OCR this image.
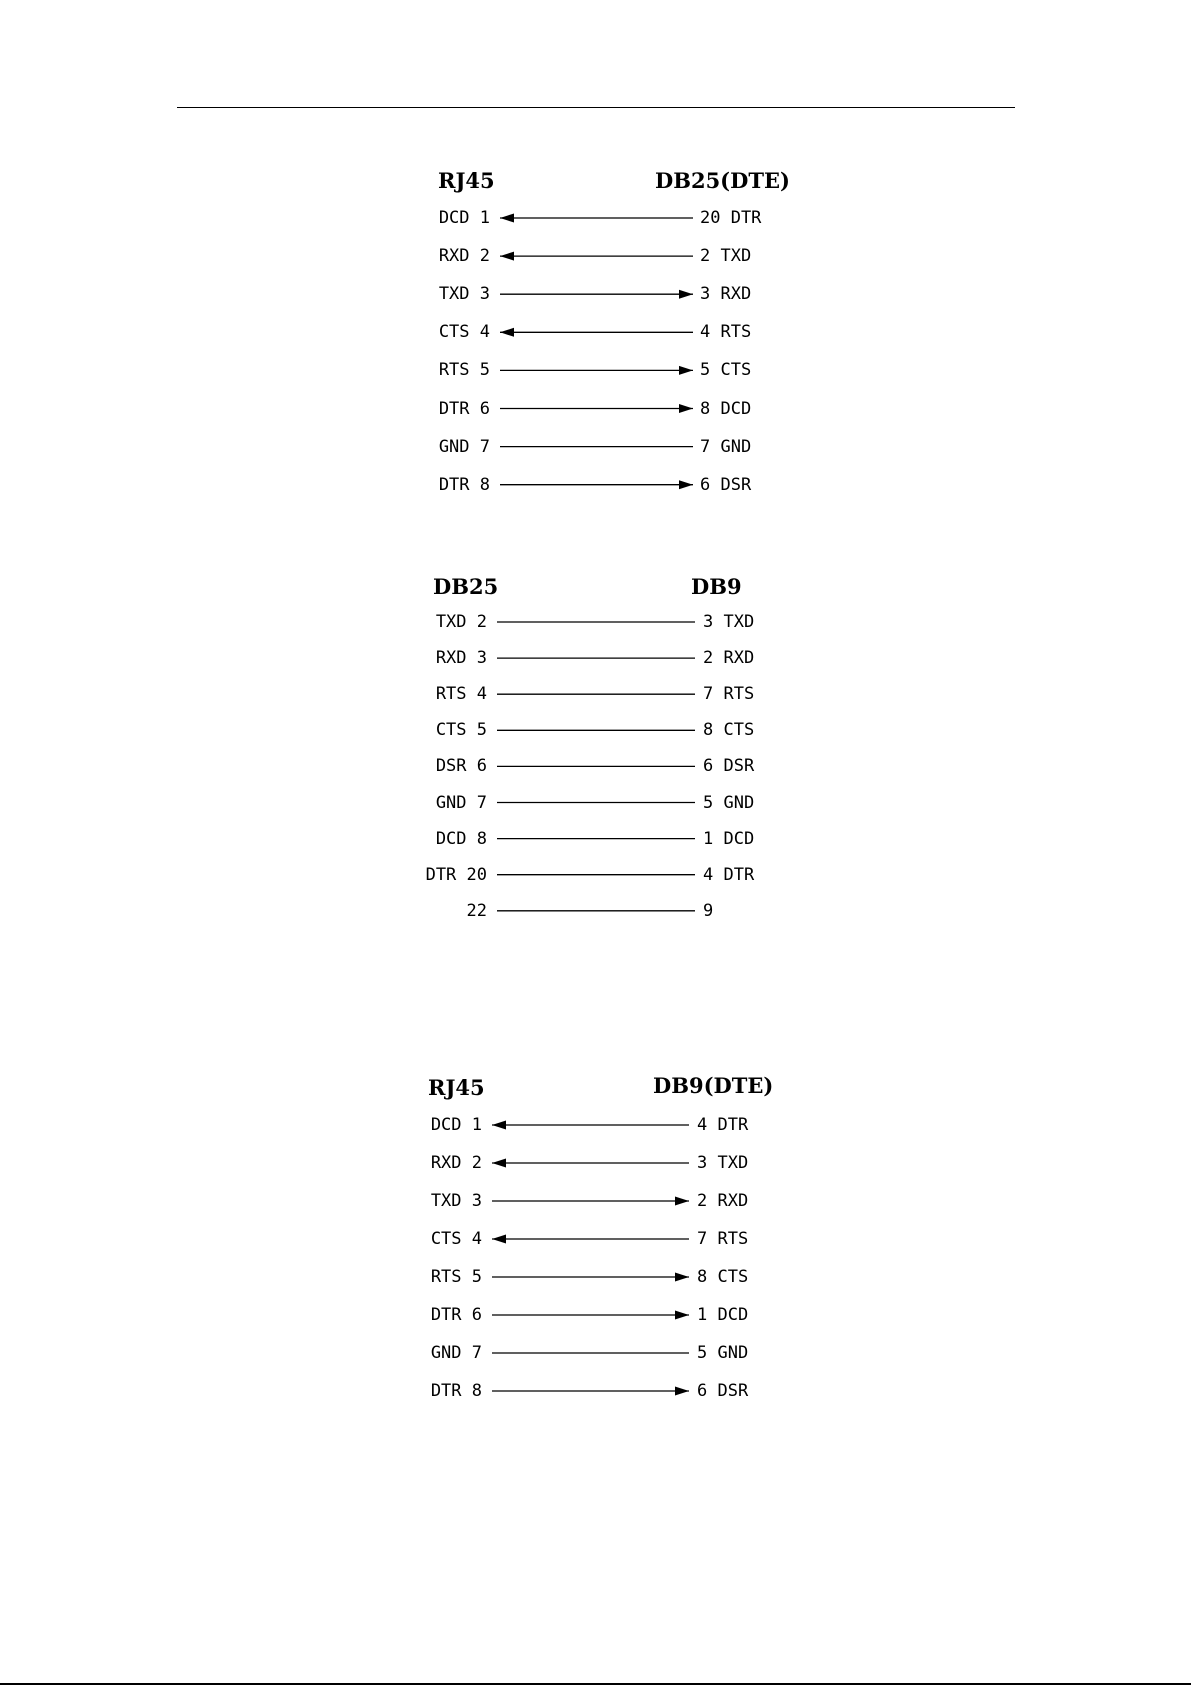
RJ45	DB25(DTE)
DCD 1	20 DTR
RXD 2	2 TXD
TXD 3	3 RXD
CTS 4	4 RTS
RTS 5	5 CTS
DTR 6	8 DCD
GND 7	7 GND
DTR 8	6 DSR
DB25	DB9
TXD 2	3 TXD
RXD 3	2 RXD
RTS 4	7 RTS
CTS 5	8 CTS
DSR 6	6 DSR
GND 7	5 GND
DCD 8	1 DCD
DTR 20	4 DTR
22	9
RJ45	DB9(DTE)
DCD 1	4 DTR
RXD 2	3 TXD
TXD 3	2 RXD
CTS 4	7 RTS
RTS 5	8 CTS
DTR 6	1 DCD
GND 7	5 GND
DTR 8	6 DSR
